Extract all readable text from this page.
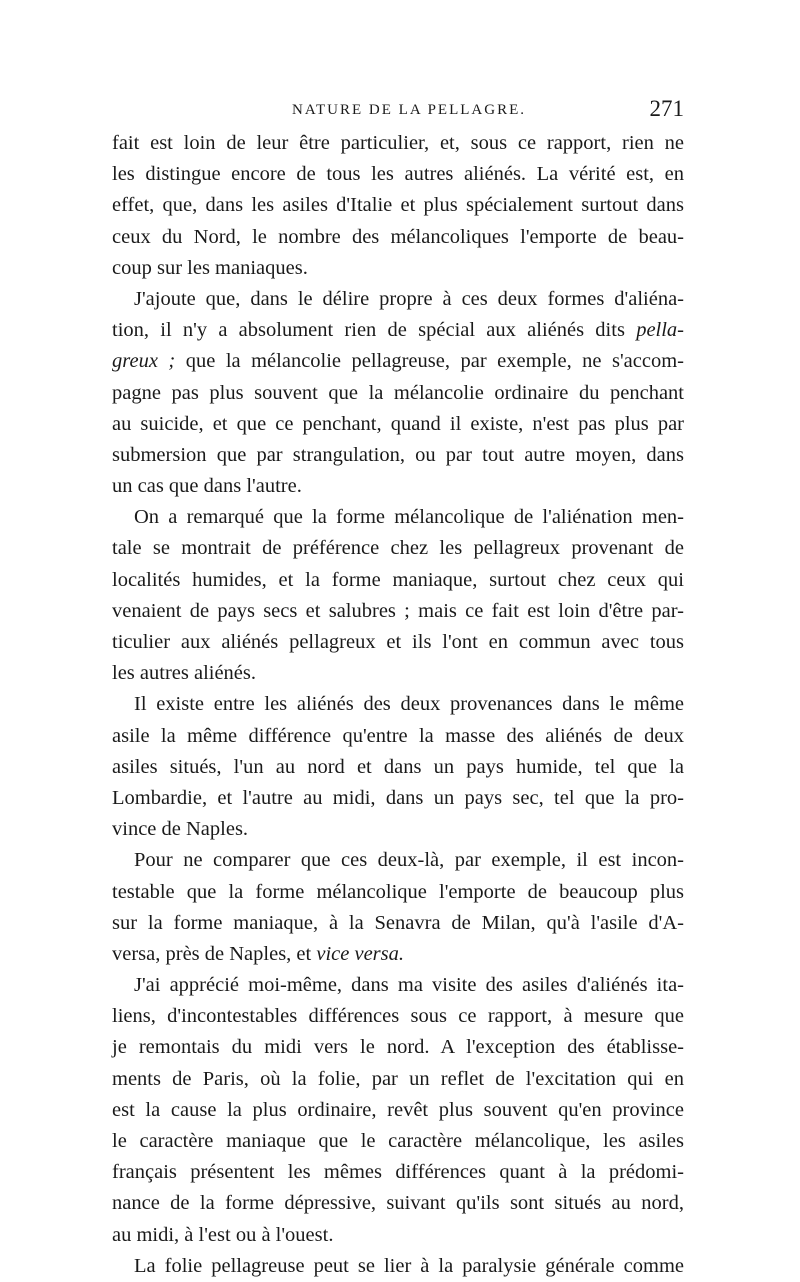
NATURE DE LA PELLAGRE.	271
fait est loin de leur être particulier, et, sous ce rapport, rien ne
les distingue encore de tous les autres aliénés. La vérité est, en
effet, que, dans les asiles d'Italie et plus spécialement surtout dans
ceux du Nord, le nombre des mélancoliques l'emporte de beau-
coup sur les maniaques.
J'ajoute que, dans le délire propre à ces deux formes d'aliéna-
tion, il n'y a absolument rien de spécial aux aliénés dits pella-
greux ; que la mélancolie pellagreuse, par exemple, ne s'accom-
pagne pas plus souvent que la mélancolie ordinaire du penchant
au suicide, et que ce penchant, quand il existe, n'est pas plus par
submersion que par strangulation, ou par tout autre moyen, dans
un cas que dans l'autre.
On a remarqué que la forme mélancolique de l'aliénation men-
tale se montrait de préférence chez les pellagreux provenant de
localités humides, et la forme maniaque, surtout chez ceux qui
venaient de pays secs et salubres ; mais ce fait est loin d'être par-
ticulier aux aliénés pellagreux et ils l'ont en commun avec tous
les autres aliénés.
Il existe entre les aliénés des deux provenances dans le même
asile la même différence qu'entre la masse des aliénés de deux
asiles situés, l'un au nord et dans un pays humide, tel que la
Lombardie, et l'autre au midi, dans un pays sec, tel que la pro-
vince de Naples.
Pour ne comparer que ces deux-là, par exemple, il est incon-
testable que la forme mélancolique l'emporte de beaucoup plus
sur la forme maniaque, à la Senavra de Milan, qu'à l'asile d'A-
versa, près de Naples, et vice versa.
J'ai apprécié moi-même, dans ma visite des asiles d'aliénés ita-
liens, d'incontestables différences sous ce rapport, à mesure que
je remontais du midi vers le nord. A l'exception des établisse-
ments de Paris, où la folie, par un reflet de l'excitation qui en
est la cause la plus ordinaire, revêt plus souvent qu'en province
le caractère maniaque que le caractère mélancolique, les asiles
français présentent les mêmes différences quant à la prédomi-
nance de la forme dépressive, suivant qu'ils sont situés au nord,
au midi, à l'est ou à l'ouest.
La folie pellagreuse peut se lier à la paralysie générale comme
